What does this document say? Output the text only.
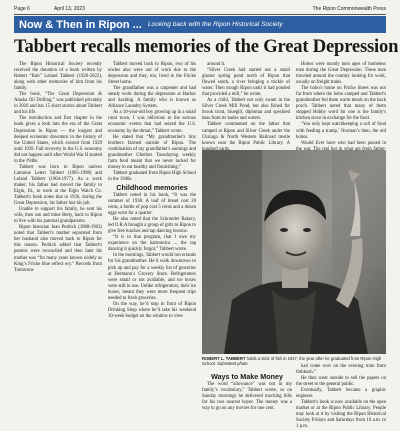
Page 6	April 13, 2023	The Ripon Commonwealth Press
Now & Then in Ripon ... Looking back with the Ripon Historical Society
Tabbert recalls memories of the Great Depression

The Ripon Historical Society recently received the donation of a book written by Robert “Bob” Leland Tabbert (1926-2022), along with other memories of him from his family.

The book, “The Great Depression & Alaska Oil Drilling,” was published privately in 2020 and has 15 short stories about Tabbert and his life.

The introduction and first chapter in the book gives a look into the era of the Great Depression in Ripon — the longest and deepest economic downturn in the history of the United States, which existed from 1929 until 1939. Full recovery in the U.S. economy did not happen until after World War II started in the 1940s.

Tabbert was born to Ripon natives Lamoine Lelert Tabbert (1905-1998) and Leland Tabbert (1904-1977). As a work maker, his father had moved the family to Elgin, Ill., to work at the Elgin Watch Co. Tabbert's book notes that in 1936, during the Great Depression, his father lost his job.

Unable to support his family, he sent his wife, then son and mine Betty, back to Ripon to live with his paternal grandparents.

Ripon historian Jean Pedrick (1868-1963) noted that Tabbert's mother separated from her husband also moved back to Ripon for this reason. Pedrick added that Tabbert's parents were reconciled and then later his mother was “for many years known widely as King’s Fricke blue reflect ery.” Records from Tomorrow

Tabbert moved back to Ripon, two of his uncles also were out of work due to the depression and they, too, lived in the Fricke Street home.

The grandfather was a carpenter and had steady work during the depression at Harbor and Sackbig. A family who is known as Alliance Laundry System.

As a 10-year-old boy growing up in a small rural town, I was oblivious to the serious economic events that had seized the U.S. economy by the throat,” Tabbert wrote.

He stated that “My grandmother's tiny brothers farmed outside of Ripon. The combination of my grandfather's earnings and grandmother Ghetlers Tuesdaying weekly farm food meant that we never lacked for money to eat healthy and flourishing.”

Tabbert graduated from Ripon High School in the 1940s.

Childhood memories

Tabbert noted in his book, “It was the summer of 1938. A loaf of bread cost 20 cents, a bottle of pop cost 5 cents and a dozen eggs went for a quarter.

He also noted that the Schroeder Bakery, led O.R.A brought a group of girls to Ripon to give free lunches and tap dancing lessons.

“It is to that program, that I owe my experience on the harmonica ... the tap dancing it quickly forgot,” Tabbert wrote.

In the mornings, Tabbert would run errands for his grandmother. He’d walk downtown to pick up and pay for a weekly list of groceries at Hermann’s Grocery Store. Refrigerators were small or not available, and ice boxes were still in use. Unlike refrigerators, their ice boxes, meant they were more frequent trips needed to fresh groceries.

On the way, he’d stop in front of Ripon Drinking Shop where he’d take his weekend 10-week budget on the window to view

around it.

“Silver Creek had started out a small glacier spring pond north of Ripon that flowed south, a river bringing a trickle of water. Then trough Ripon until it had ponded that provided a mill,” he wrote.

As a child, Tabbert not only swam in the Silver Creek Mill Pond, but also fished for brook trout, bluegill, diplomat and speckled bass from its banks and waters.

Tabbert commented on the lather that camped at Ripon and Silver Creek under the Chicago & North Western Railroad trestle known near the Ripon Public Library. A

Hobos were mostly men ages of homeless men during the Great Depression. These men traveled around the country looking for work, usually on freight trains.

The hobo's home on Fricke Street was not far from where the hobo camped and Tabbert's grandmother fed them warm meals on the back porch. Tabbert noted that many of them stopped Hobby word for one is the family's kitchen stove in exchange for the food.

‘You only kept watchkeeping a roll of food with feeding a tramp,’ Norman’s then, the old hobos.

Would Ever have who had been passed in

ROBERT L. TABBERT holds a stick of fish in 1947, the year after he graduated from Ripon High School. Submitted photo

Ways to Make Money

The word “allowance” was not in my family’s vocabulary,” Tabbert wrote, so on Sunday mornings he delivered mocking bills for his two nearest buyer. The money was a way to go on any movies for one cent.

had come over on the evening train from Oshkosh.”

He then went outside to sell the papers on the street to the general public.

Eventually, Tabbert became a graphic engineer.

Tabbert's book is now available on the open market or at the Ripon Public Library. People may look at it by visiting the Ripon Historical Society Fridays and Saturdays from 10 a.m. to 1 p.m.
